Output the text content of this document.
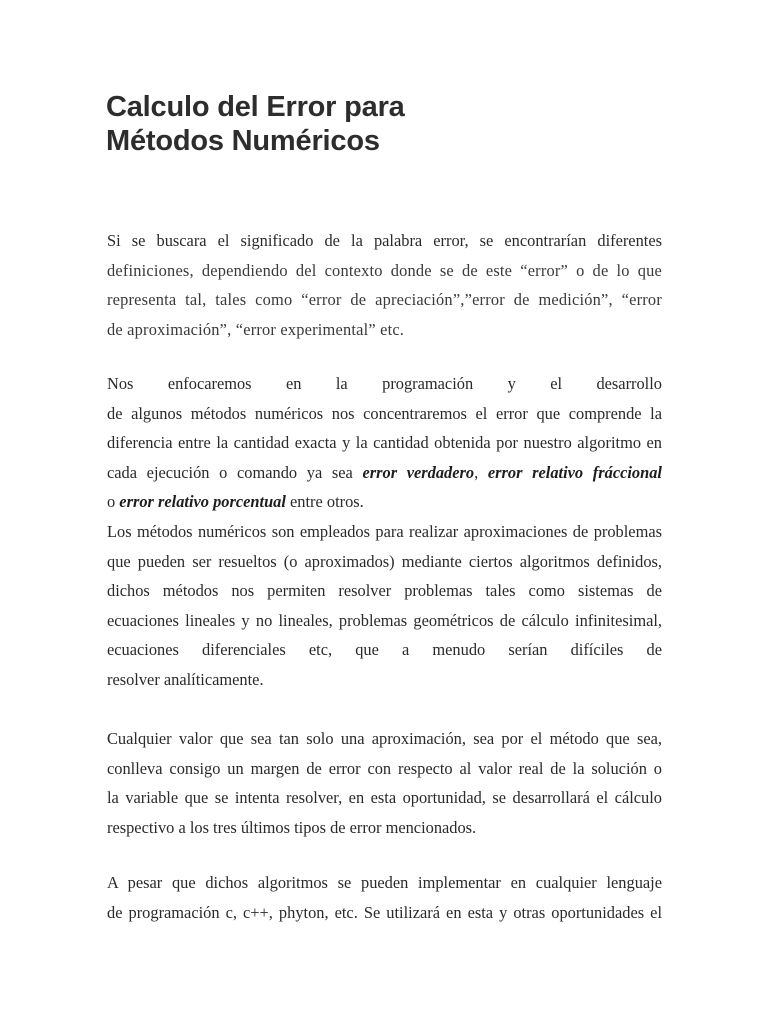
Calculo del Error para
Métodos Numéricos
Si se buscara el significado de la palabra error, se encontrarían diferentes
definiciones, dependiendo del contexto donde se de este “error” o de lo que
representa tal, tales como “error de apreciación”,”error de medición”, “error
de aproximación”, “error experimental” etc.
Nos enfocaremos en la programación y el desarrollo
de algunos métodos numéricos nos concentraremos el error que comprende la
diferencia entre la cantidad exacta y la cantidad obtenida por nuestro algoritmo en
cada ejecución o comando ya sea error verdadero, error relativo fráccional
o error relativo porcentual entre otros.
Los métodos numéricos son empleados para realizar aproximaciones de problemas
que pueden ser resueltos (o aproximados) mediante ciertos algoritmos definidos,
dichos métodos nos permiten resolver problemas tales como sistemas de
ecuaciones lineales y no lineales, problemas geométricos de cálculo infinitesimal,
ecuaciones diferenciales etc, que a menudo serían difíciles de
resolver analíticamente.
Cualquier valor que sea tan solo una aproximación, sea por el método que sea,
conlleva consigo un margen de error con respecto al valor real de la solución o
la variable que se intenta resolver, en esta oportunidad, se desarrollará el cálculo
respectivo a los tres últimos tipos de error mencionados.
A pesar que dichos algoritmos se pueden implementar en cualquier lenguaje
de programación c, c++, phyton, etc. Se utilizará en esta y otras oportunidades el
